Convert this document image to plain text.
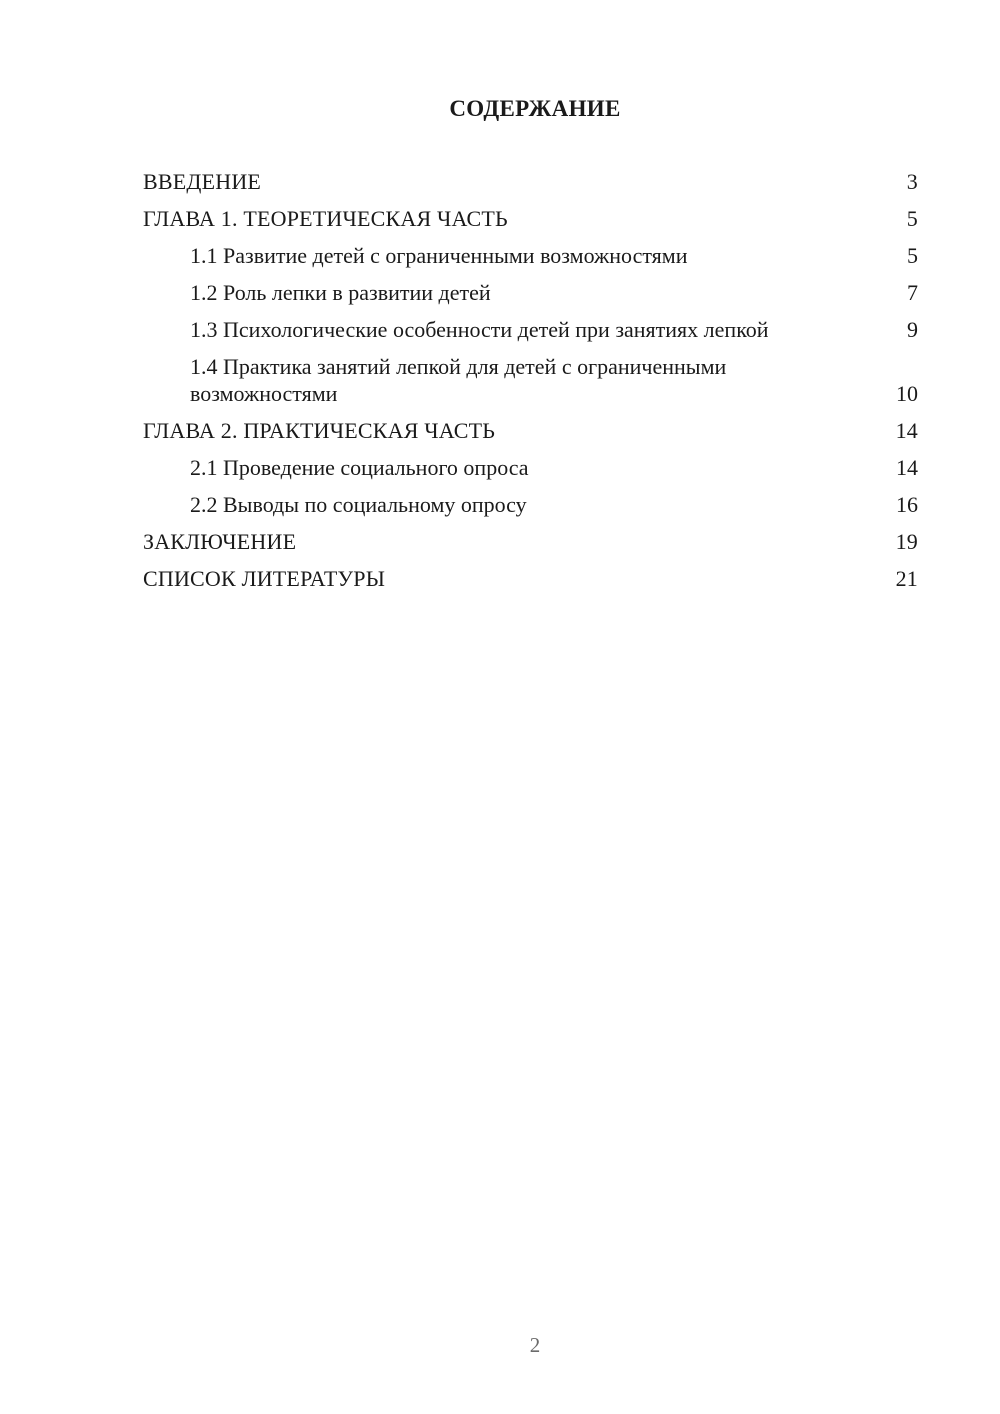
СОДЕРЖАНИЕ
ВВЕДЕНИЕ	3
ГЛАВА 1. ТЕОРЕТИЧЕСКАЯ ЧАСТЬ	5
1.1 Развитие детей с ограниченными возможностями	5
1.2 Роль лепки в развитии детей	7
1.3 Психологические особенности детей при занятиях лепкой	9
1.4 Практика занятий лепкой для детей с ограниченными возможностями	10
ГЛАВА 2. ПРАКТИЧЕСКАЯ ЧАСТЬ	14
2.1 Проведение социального опроса	14
2.2 Выводы по социальному опросу	16
ЗАКЛЮЧЕНИЕ	19
СПИСОК ЛИТЕРАТУРЫ	21
2
